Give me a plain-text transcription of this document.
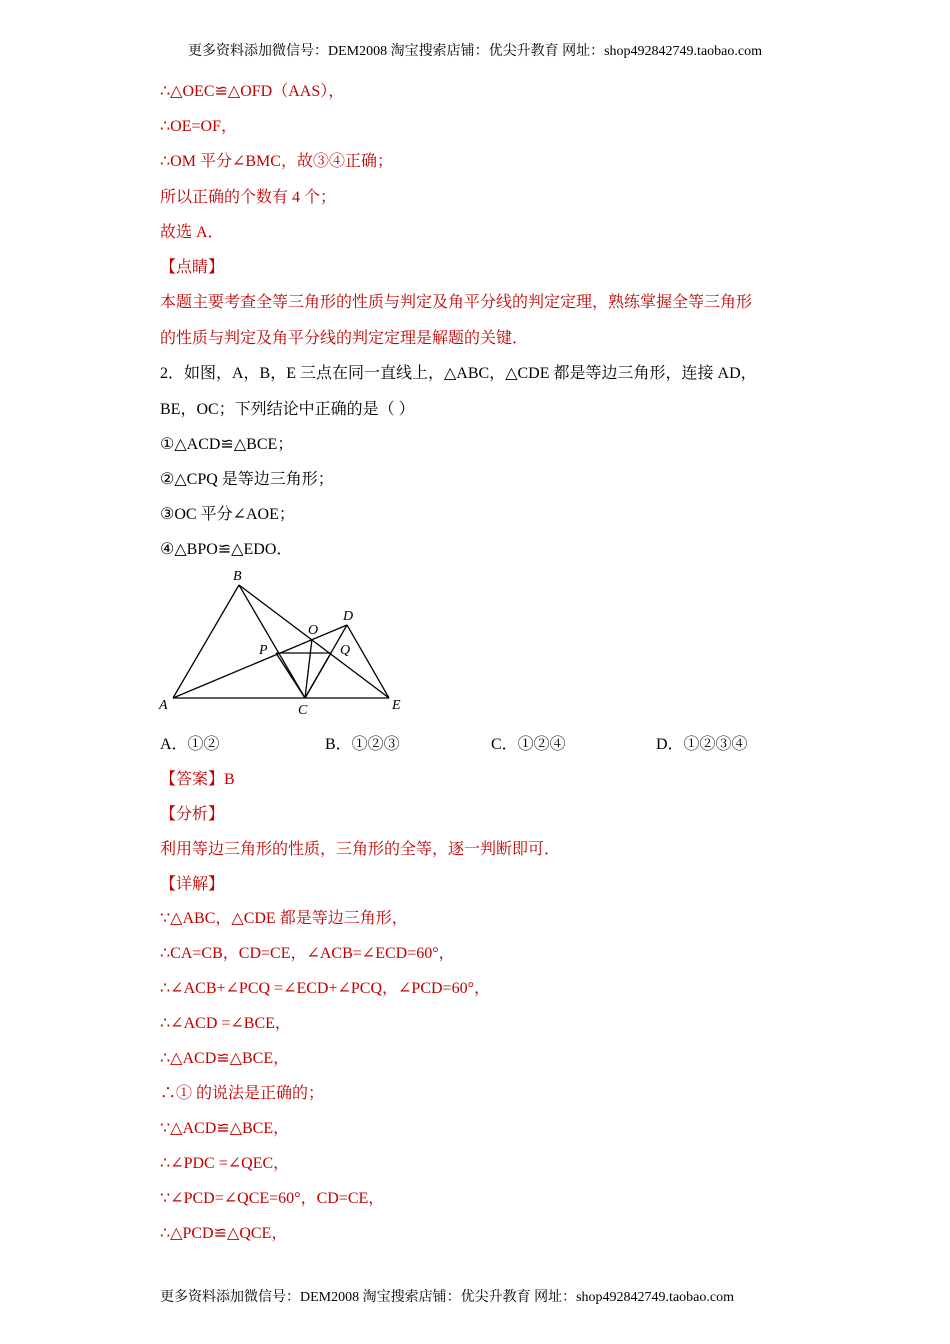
更多资料添加微信号：DEM2008 淘宝搜索店铺：优尖升教育 网址：shop492842749.taobao.com
∴△OEC≌△OFD（AAS），
∴OE=OF，
∴OM 平分∠BMC，故③④正确；
所以正确的个数有 4 个；
故选 A．
【点睛】
本题主要考查全等三角形的性质与判定及角平分线的判定定理，熟练掌握全等三角形
的性质与判定及角平分线的判定定理是解题的关键．
2．如图，A，B，E 三点在同一直线上，△ABC，△CDE 都是等边三角形，连接 AD，
BE，OC；下列结论中正确的是（ ）
①△ACD≌△BCE；
②△CPQ 是等边三角形；
③OC 平分∠AOE；
④△BPO≌△EDO．
A
B
C
D
E
O
P	Q
A．①②	B．①②③	C．①②④	D．①②③④
【答案】B
【分析】
利用等边三角形的性质，三角形的全等，逐一判断即可．
【详解】
∵△ABC，△CDE 都是等边三角形，
∴CA=CB，CD=CE，∠ACB=∠ECD=60°，
∴∠ACB+∠PCQ =∠ECD+∠PCQ，∠PCD=60°，
∴∠ACD =∠BCE，
∴△ACD≌△BCE，
∴① 的说法是正确的；
∵△ACD≌△BCE，
∴∠PDC =∠QEC，
∵∠PCD=∠QCE=60°，CD=CE，
∴△PCD≌△QCE，
更多资料添加微信号：DEM2008 淘宝搜索店铺：优尖升教育 网址：shop492842749.taobao.com
